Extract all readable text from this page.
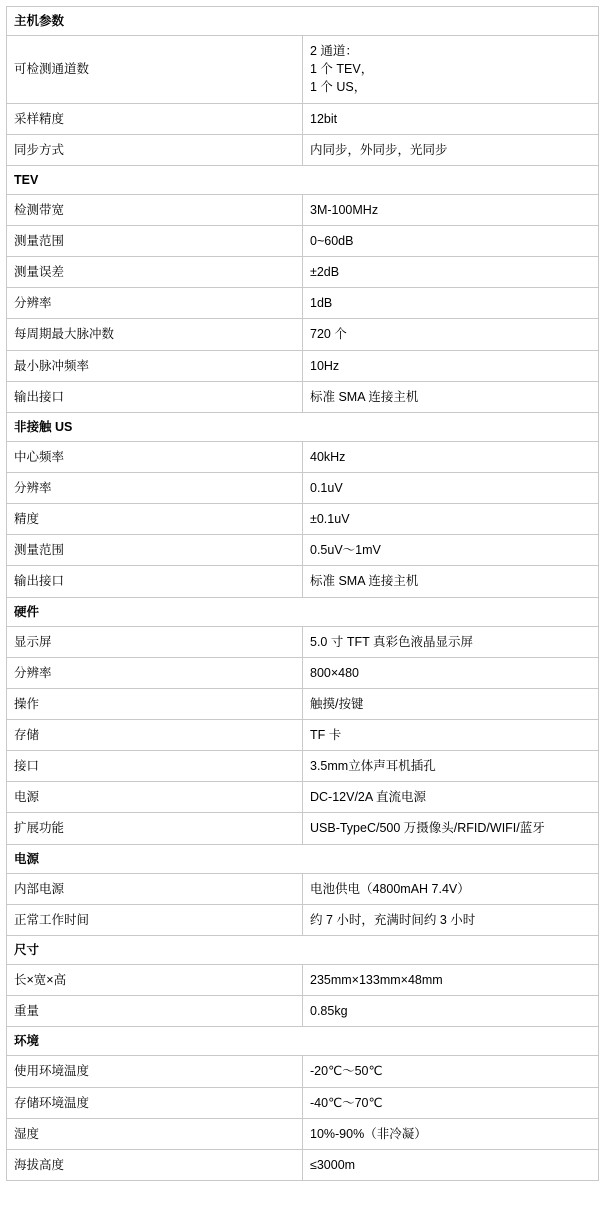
主机参数	
可检测通道数	2 通道：
1 个 TEV，
1 个 US，
采样精度	12bit
同步方式	内同步，外同步，光同步
TEV	
检测带宽	3M-100MHz
测量范围	0~60dB
测量误差	±2dB
分辨率	1dB
每周期最大脉冲数	720 个
最小脉冲频率	10Hz
输出接口	标准 SMA 连接主机
非接触 US	
中心频率	40kHz
分辨率	0.1uV
精度	±0.1uV
测量范围	0.5uV～1mV
输出接口	标准 SMA 连接主机
硬件	
显示屏	5.0 寸 TFT 真彩色液晶显示屏
分辨率	800×480
操作	触摸/按键
存储	TF 卡
接口	3.5mm立体声耳机插孔
电源	DC-12V/2A 直流电源
扩展功能	USB-TypeC/500 万摄像头/RFID/WIFI/蓝牙
电源	
内部电源	电池供电（4800mAH 7.4V）
正常工作时间	约 7 小时，充满时间约 3 小时
尺寸	
长×宽×高	235mm×133mm×48mm
重量	0.85kg
环境	
使用环境温度	-20℃～50℃
存储环境温度	-40℃～70℃
湿度	10%-90%（非冷凝）
海拔高度	≤3000m
